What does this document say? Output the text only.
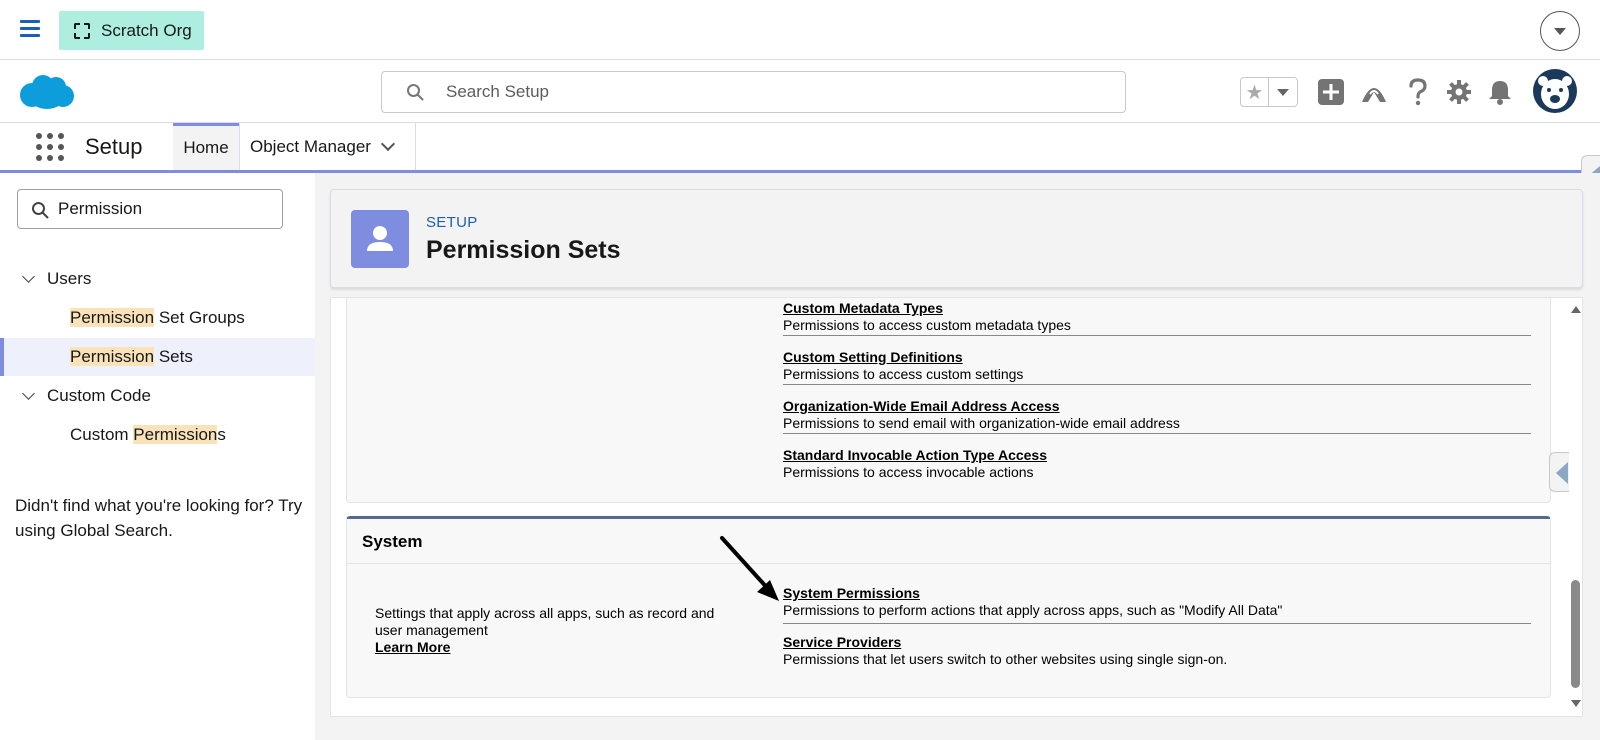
Scratch Org
Search Setup
★
Setup	Home	Object Manager
Permission
Users
Permission Set Groups
Permission Sets
Custom Code
Custom Permissions
Didn't find what you're looking for? Try using Global Search.
SETUP
Permission Sets
Custom Metadata Types
Permissions to access custom metadata types
Custom Setting Definitions
Permissions to access custom settings
Organization-Wide Email Address Access
Permissions to send email with organization-wide email address
Standard Invocable Action Type Access
Permissions to access invocable actions
System
Settings that apply across all apps, such as record and user management
Learn More
System Permissions
Permissions to perform actions that apply across apps, such as "Modify All Data"
Service Providers
Permissions that let users switch to other websites using single sign-on.
